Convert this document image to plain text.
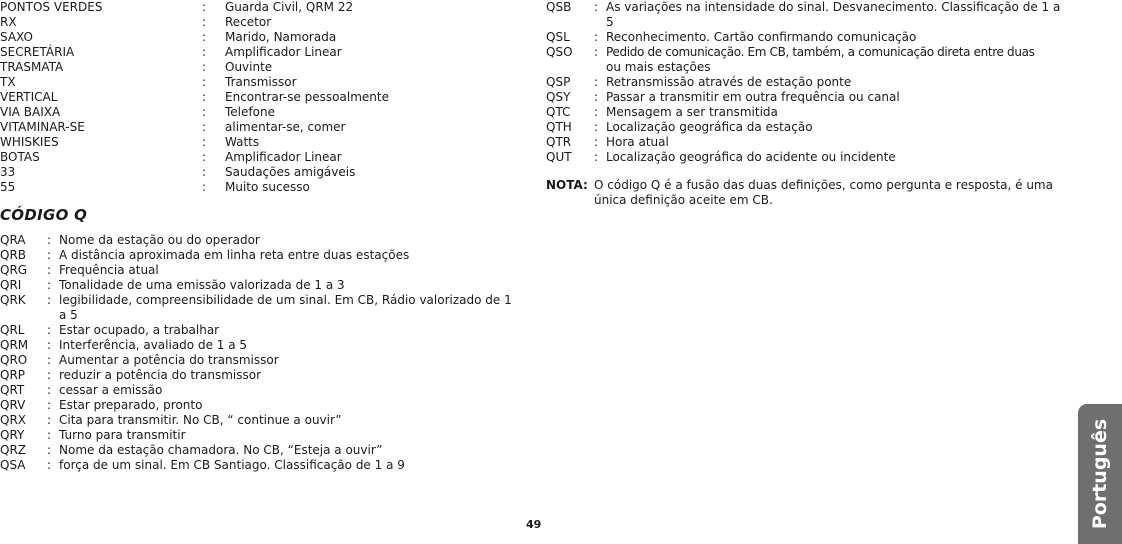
PONTOS VERDES	: Guarda Civil, QRM 22
RX	: Recetor
SAXO	: Marido, Namorada
SECRETÁRIA	: Amplificador Linear
TRASMATA	: Ouvinte
TX	: Transmissor
VERTICAL	: Encontrar-se pessoalmente
VIA BAIXA	: Telefone
VITAMINAR-SE	: alimentar-se, comer
WHISKIES	: Watts
BOTAS	: Amplificador Linear
33	: Saudações amigáveis
55	: Muito sucesso
CÓDIGO Q
QRA : Nome da estação ou do operador
QRB : A distância aproximada em linha reta entre duas estações
QRG : Frequência atual
QRI : Tonalidade de uma emissão valorizada de 1 a 3
QRK : legibilidade, compreensibilidade de um sinal. Em CB, Rádio valorizado de 1
a 5
QRL : Estar ocupado, a trabalhar
QRM : Interferência, avaliado de 1 a 5
QRO : Aumentar a potência do transmissor
QRP : reduzir a potência do transmissor
QRT : cessar a emissão
QRV : Estar preparado, pronto
QRX : Cita para transmitir. No CB, “ continue a ouvir”
QRY : Turno para transmitir
QRZ : Nome da estação chamadora. No CB, “Esteja a ouvir”
QSA : força de um sinal. Em CB Santiago. Classificação de 1 a 9
QSB : As variações na intensidade do sinal. Desvanecimento. Classificação de 1 a
5
QSL : Reconhecimento. Cartão confirmando comunicação
QSO : Pedido de comunicação. Em CB, também, a comunicação direta entre duas
ou mais estações
QSP : Retransmissão através de estação ponte
QSY : Passar a transmitir em outra frequência ou canal
QTC : Mensagem a ser transmitida
QTH : Localização geográfica da estação
QTR : Hora atual
QUT : Localização geográfica do acidente ou incidente
NOTA: O código Q é a fusão das duas definições, como pergunta e resposta, é uma única definição aceite em CB.
49	Português
